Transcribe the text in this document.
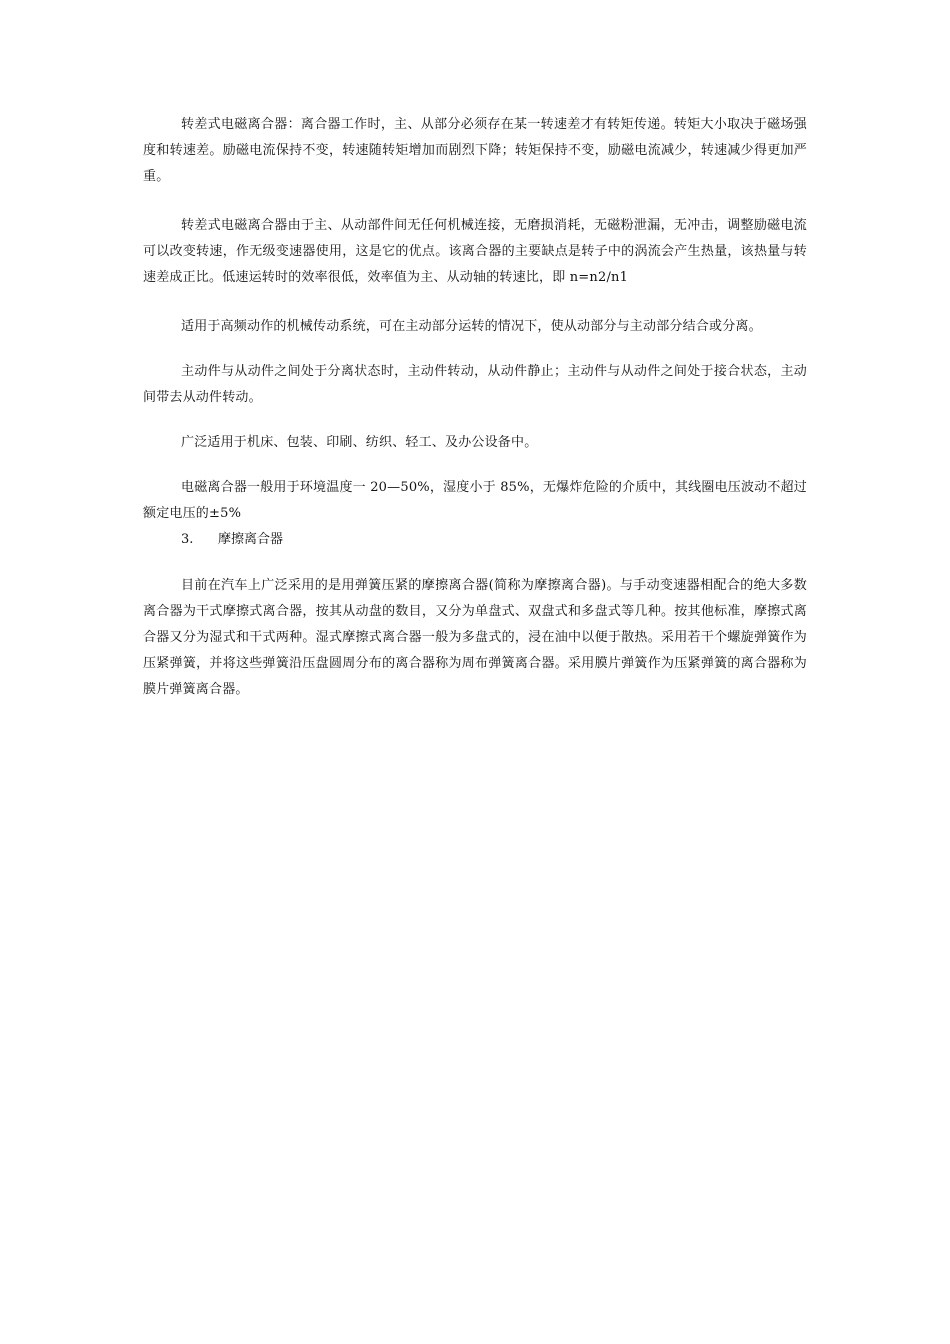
转差式电磁离合器：离合器工作时，主、从部分必须存在某一转速差才有转矩传递。转矩大小取决于磁场强度和转速差。励磁电流保持不变，转速随转矩增加而剧烈下降；转矩保持不变，励磁电流减少，转速减少得更加严重。

转差式电磁离合器由于主、从动部件间无任何机械连接，无磨损消耗，无磁粉泄漏，无冲击，调整励磁电流可以改变转速，作无级变速器使用，这是它的优点。该离合器的主要缺点是转子中的涡流会产生热量，该热量与转速差成正比。低速运转时的效率很低，效率值为主、从动轴的转速比，即 n=n2/n1

适用于高频动作的机械传动系统，可在主动部分运转的情况下，使从动部分与主动部分结合或分离。

主动件与从动件之间处于分离状态时，主动件转动，从动件静止；主动件与从动件之间处于接合状态，主动间带去从动件转动。

广泛适用于机床、包装、印刷、纺织、轻工、及办公设备中。

电磁离合器一般用于环境温度一 20—50%，湿度小于 85%，无爆炸危险的介质中，其线圈电压波动不超过额定电压的±5%

3.	摩擦离合器

目前在汽车上广泛采用的是用弹簧压紧的摩擦离合器(简称为摩擦离合器)。与手动变速器相配合的绝大多数离合器为干式摩擦式离合器，按其从动盘的数目，又分为单盘式、双盘式和多盘式等几种。按其他标准，摩擦式离合器又分为湿式和干式两种。湿式摩擦式离合器一般为多盘式的，浸在油中以便于散热。采用若干个螺旋弹簧作为压紧弹簧，并将这些弹簧沿压盘圆周分布的离合器称为周布弹簧离合器。采用膜片弹簧作为压紧弹簧的离合器称为膜片弹簧离合器。
